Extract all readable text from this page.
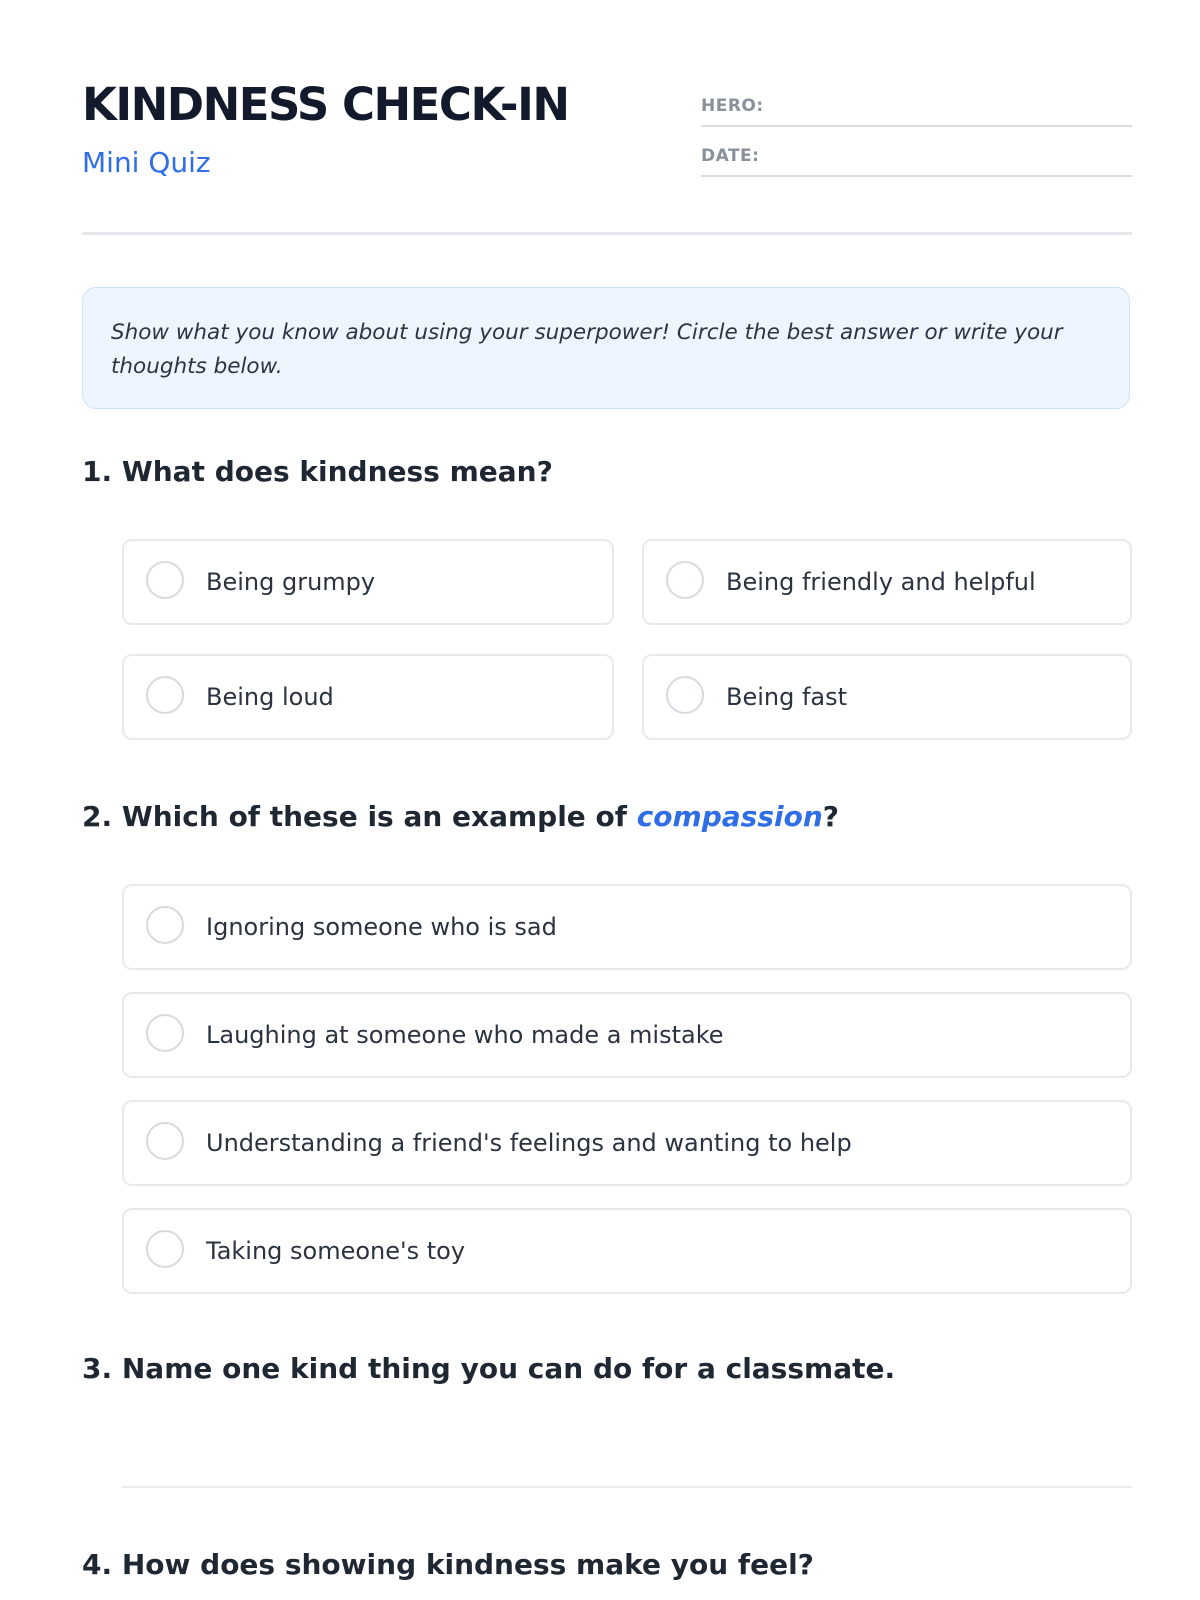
KINDNESS CHECK-IN
Mini Quiz
HERO:
DATE:
Show what you know about using your superpower! Circle the best answer or write your thoughts below.
1. What does kindness mean?
Being grumpy	Being friendly and helpful
Being loud	Being fast
2. Which of these is an example of compassion?
Ignoring someone who is sad
Laughing at someone who made a mistake
Understanding a friend's feelings and wanting to help
Taking someone's toy
3. Name one kind thing you can do for a classmate.
4. How does showing kindness make you feel?
